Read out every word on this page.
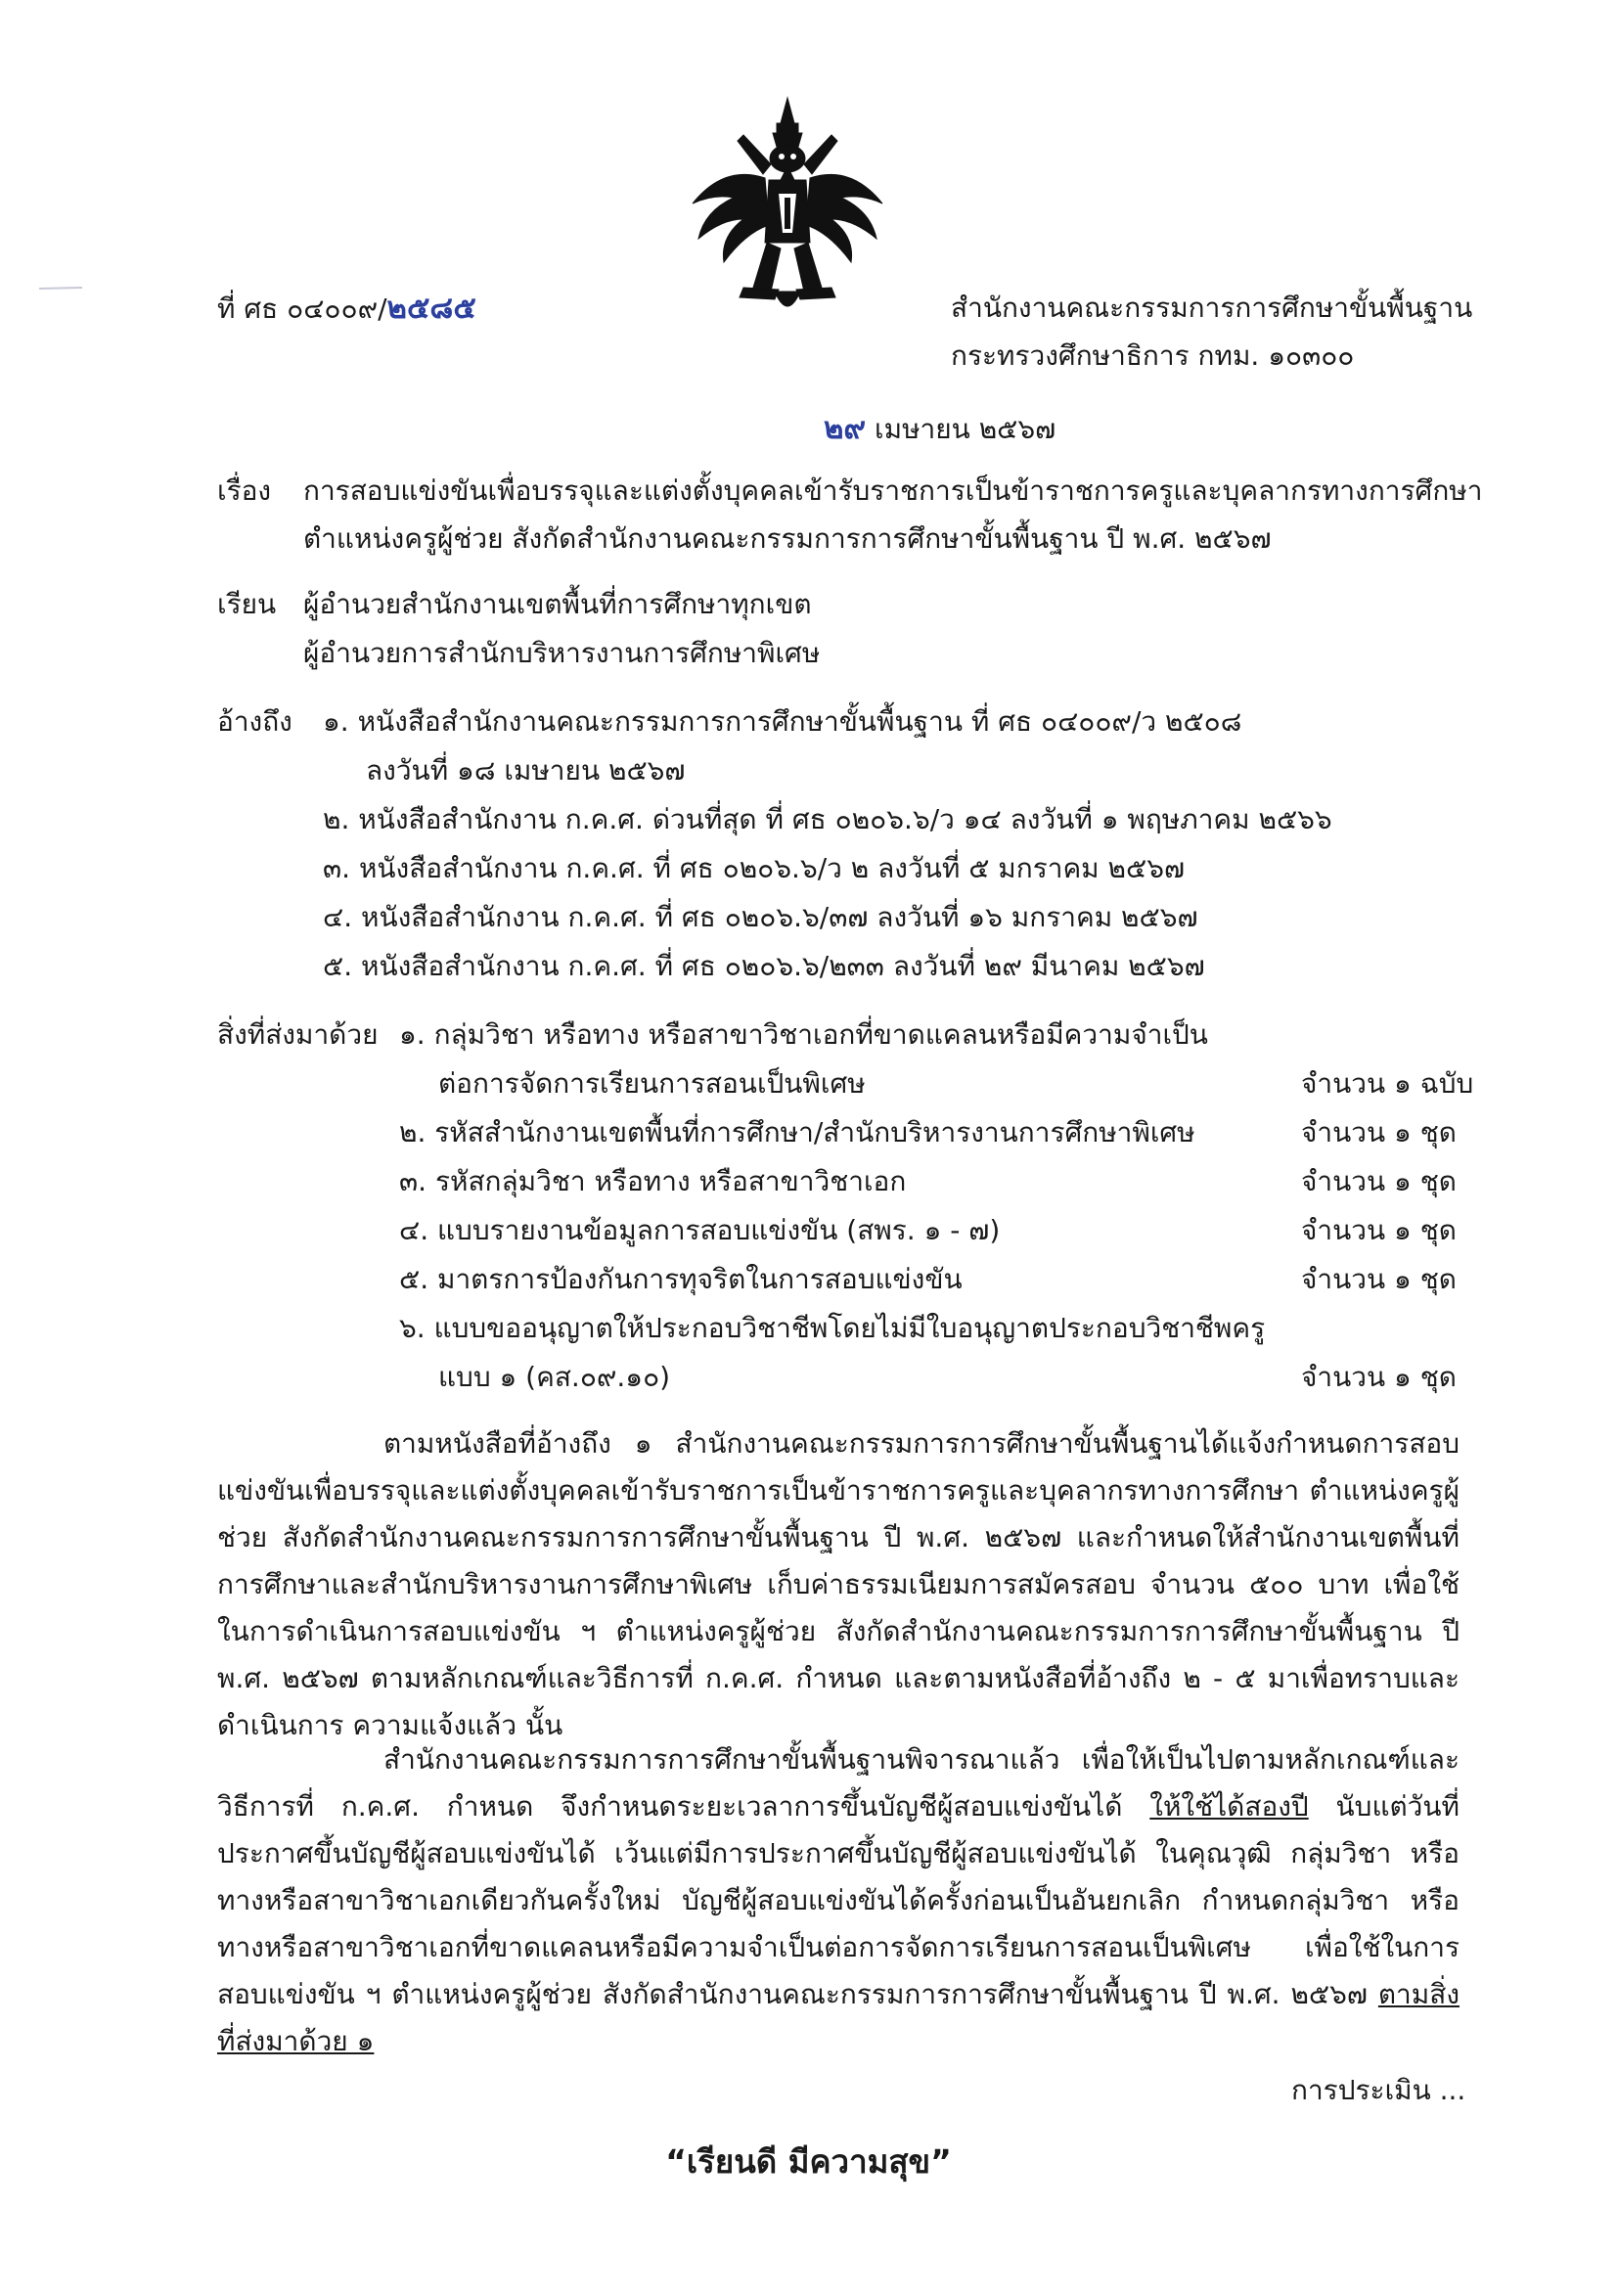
ที่ ศธ ๐๔๐๐๙/๒๕๘๕	สำนักงานคณะกรรมการการศึกษาขั้นพื้นฐาน
กระทรวงศึกษาธิการ กทม. ๑๐๓๐๐
๒๙ เมษายน ๒๕๖๗
เรื่อง การสอบแข่งขันเพื่อบรรจุและแต่งตั้งบุคคลเข้ารับราชการเป็นข้าราชการครูและบุคลากรทางการศึกษา
ตำแหน่งครูผู้ช่วย สังกัดสำนักงานคณะกรรมการการศึกษาขั้นพื้นฐาน ปี พ.ศ. ๒๕๖๗
เรียน ผู้อำนวยสำนักงานเขตพื้นที่การศึกษาทุกเขต
ผู้อำนวยการสำนักบริหารงานการศึกษาพิเศษ
อ้างถึง ๑. หนังสือสำนักงานคณะกรรมการการศึกษาขั้นพื้นฐาน ที่ ศธ ๐๔๐๐๙/ว ๒๕๐๘
ลงวันที่ ๑๘ เมษายน ๒๕๖๗
๒. หนังสือสำนักงาน ก.ค.ศ. ด่วนที่สุด ที่ ศธ ๐๒๐๖.๖/ว ๑๔ ลงวันที่ ๑ พฤษภาคม ๒๕๖๖
๓. หนังสือสำนักงาน ก.ค.ศ. ที่ ศธ ๐๒๐๖.๖/ว ๒ ลงวันที่ ๕ มกราคม ๒๕๖๗
๔. หนังสือสำนักงาน ก.ค.ศ. ที่ ศธ ๐๒๐๖.๖/๓๗ ลงวันที่ ๑๖ มกราคม ๒๕๖๗
๕. หนังสือสำนักงาน ก.ค.ศ. ที่ ศธ ๐๒๐๖.๖/๒๓๓ ลงวันที่ ๒๙ มีนาคม ๒๕๖๗
สิ่งที่ส่งมาด้วย ๑. กลุ่มวิชา หรือทาง หรือสาขาวิชาเอกที่ขาดแคลนหรือมีความจำเป็น
ต่อการจัดการเรียนการสอนเป็นพิเศษ	จำนวน ๑ ฉบับ
๒. รหัสสำนักงานเขตพื้นที่การศึกษา/สำนักบริหารงานการศึกษาพิเศษ	จำนวน ๑ ชุด
๓. รหัสกลุ่มวิชา หรือทาง หรือสาขาวิชาเอก	จำนวน ๑ ชุด
๔. แบบรายงานข้อมูลการสอบแข่งขัน (สพร. ๑ - ๗)	จำนวน ๑ ชุด
๕. มาตรการป้องกันการทุจริตในการสอบแข่งขัน	จำนวน ๑ ชุด
๖. แบบขออนุญาตให้ประกอบวิชาชีพโดยไม่มีใบอนุญาตประกอบวิชาชีพครู
แบบ ๑ (คส.๐๙.๑๐)	จำนวน ๑ ชุด
ตามหนังสือที่อ้างถึง ๑ สำนักงานคณะกรรมการการศึกษาขั้นพื้นฐานได้แจ้งกำหนดการสอบแข่งขันเพื่อบรรจุและแต่งตั้งบุคคลเข้ารับราชการเป็นข้าราชการครูและบุคลากรทางการศึกษา ตำแหน่งครูผู้ช่วย สังกัดสำนักงานคณะกรรมการการศึกษาขั้นพื้นฐาน ปี พ.ศ. ๒๕๖๗ และกำหนดให้สำนักงานเขตพื้นที่การศึกษาและสำนักบริหารงานการศึกษาพิเศษ เก็บค่าธรรมเนียมการสมัครสอบ จำนวน ๕๐๐ บาท เพื่อใช้ในการดำเนินการสอบแข่งขัน ฯ ตำแหน่งครูผู้ช่วย สังกัดสำนักงานคณะกรรมการการศึกษาขั้นพื้นฐาน ปี พ.ศ. ๒๕๖๗ ตามหลักเกณฑ์และวิธีการที่ ก.ค.ศ. กำหนด และตามหนังสือที่อ้างถึง ๒ - ๕ มาเพื่อทราบและดำเนินการ ความแจ้งแล้ว นั้น
สำนักงานคณะกรรมการการศึกษาขั้นพื้นฐานพิจารณาแล้ว เพื่อให้เป็นไปตามหลักเกณฑ์และวิธีการที่ ก.ค.ศ. กำหนด จึงกำหนดระยะเวลาการขึ้นบัญชีผู้สอบแข่งขันได้ ให้ใช้ได้สองปี นับแต่วันที่ประกาศขึ้นบัญชีผู้สอบแข่งขันได้ เว้นแต่มีการประกาศขึ้นบัญชีผู้สอบแข่งขันได้ ในคุณวุฒิ กลุ่มวิชา หรือทางหรือสาขาวิชาเอกเดียวกันครั้งใหม่ บัญชีผู้สอบแข่งขันได้ครั้งก่อนเป็นอันยกเลิก กำหนดกลุ่มวิชา หรือทางหรือสาขาวิชาเอกที่ขาดแคลนหรือมีความจำเป็นต่อการจัดการเรียนการสอนเป็นพิเศษ เพื่อใช้ในการสอบแข่งขัน ฯ ตำแหน่งครูผู้ช่วย สังกัดสำนักงานคณะกรรมการการศึกษาขั้นพื้นฐาน ปี พ.ศ. ๒๕๖๗ ตามสิ่งที่ส่งมาด้วย ๑
การประเมิน ...
“เรียนดี มีความสุข”
